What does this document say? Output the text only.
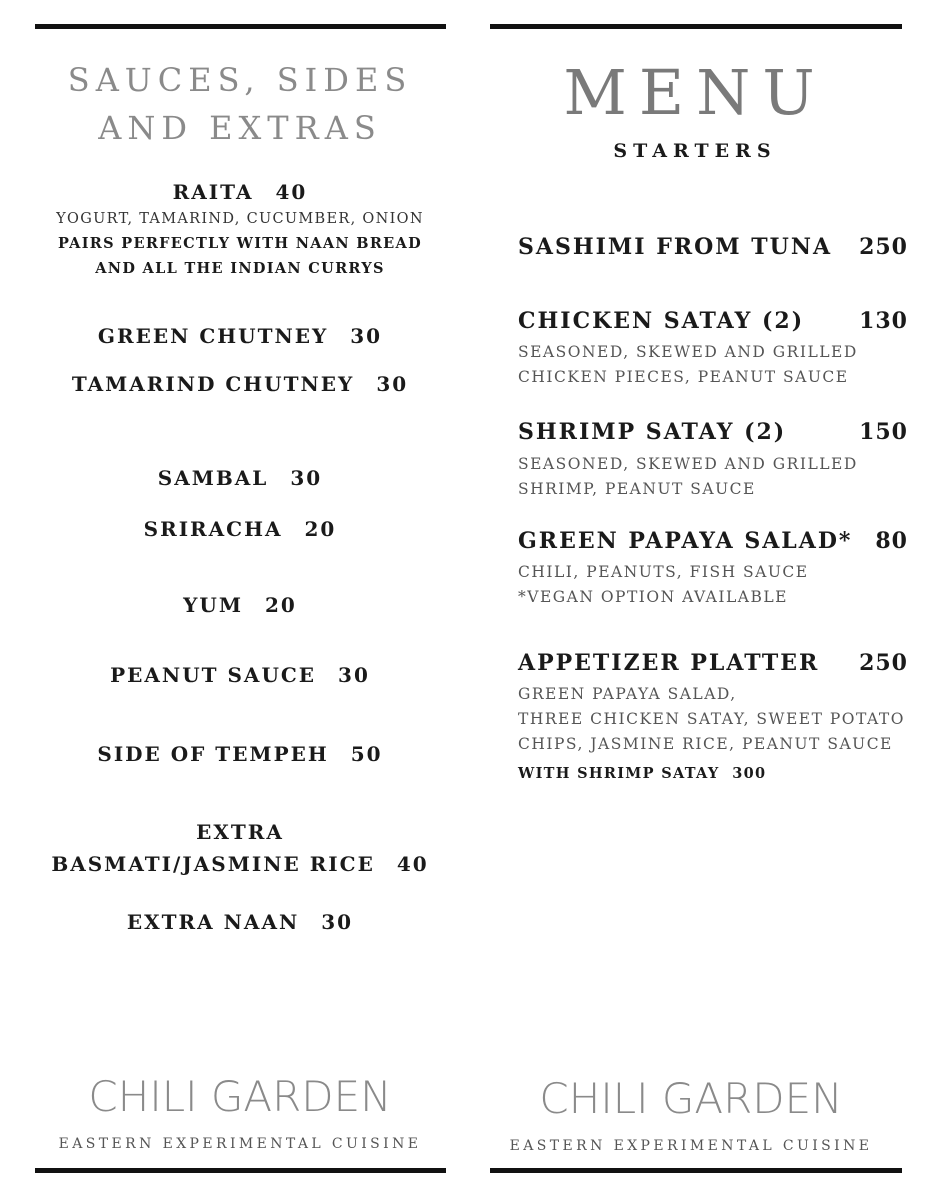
SAUCES, SIDES
AND EXTRAS
RAITA 40
YOGURT, TAMARIND, CUCUMBER, ONION
PAIRS PERFECTLY WITH NAAN BREAD
AND ALL THE INDIAN CURRYS
GREEN CHUTNEY 30
TAMARIND CHUTNEY 30
SAMBAL 30
SRIRACHA 20
YUM 20
PEANUT SAUCE 30
SIDE OF TEMPEH 50
EXTRA
BASMATI/JASMINE RICE 40
EXTRA NAAN 30
MENU
STARTERS
SASHIMI FROM TUNA	250
CHICKEN SATAY (2)	130
SEASONED, SKEWED AND GRILLED
CHICKEN PIECES, PEANUT SAUCE
SHRIMP SATAY (2)	150
SEASONED, SKEWED AND GRILLED
SHRIMP, PEANUT SAUCE
GREEN PAPAYA SALAD*	80
CHILI, PEANUTS, FISH SAUCE
*VEGAN OPTION AVAILABLE
APPETIZER PLATTER	250
GREEN PAPAYA SALAD,
THREE CHICKEN SATAY, SWEET POTATO
CHIPS, JASMINE RICE, PEANUT SAUCE
WITH SHRIMP SATAY  300
CHILI GARDEN
EASTERN EXPERIMENTAL CUISINE
CHILI GARDEN
EASTERN EXPERIMENTAL CUISINE
